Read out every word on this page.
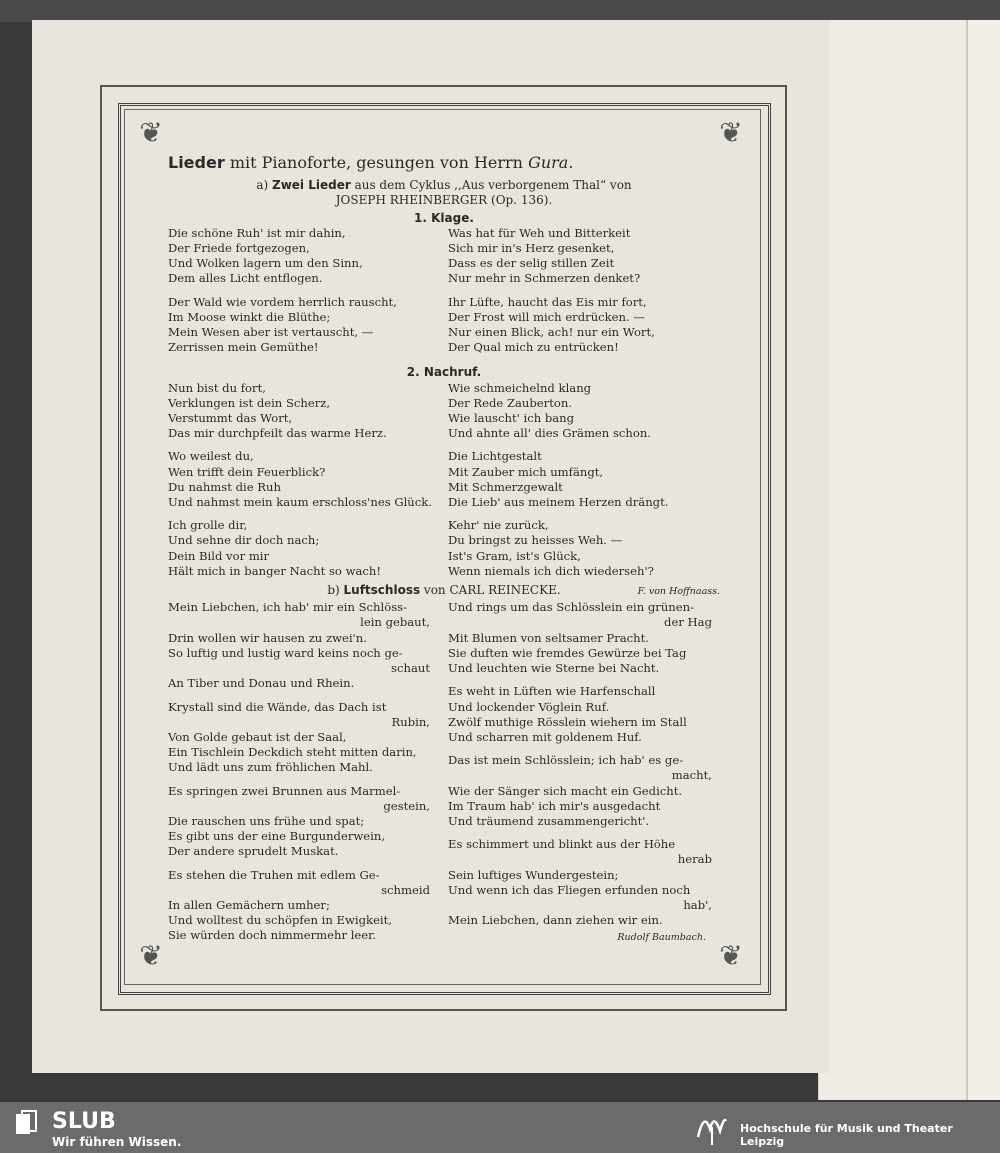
❦	❦
❦	❦
Lieder mit Pianoforte, gesungen von Herrn Gura.
a) Zwei Lieder aus dem Cyklus ,,Aus verborgenem Thal“ von
JOSEPH RHEINBERGER (Op. 136).
1. Klage.
Die schöne Ruh' ist mir dahin,
Der Friede fortgezogen,
Und Wolken lagern um den Sinn,
Dem alles Licht entflogen.
Der Wald wie vordem herrlich rauscht,
Im Moose winkt die Blüthe;
Mein Wesen aber ist vertauscht, —
Zerrissen mein Gemüthe!
Was hat für Weh und Bitterkeit
Sich mir in's Herz gesenket,
Dass es der selig stillen Zeit
Nur mehr in Schmerzen denket?
Ihr Lüfte, haucht das Eis mir fort,
Der Frost will mich erdrücken. —
Nur einen Blick, ach! nur ein Wort,
Der Qual mich zu entrücken!
2. Nachruf.
Nun bist du fort,
Verklungen ist dein Scherz,
Verstummt das Wort,
Das mir durchpfeilt das warme Herz.
Wo weilest du,
Wen trifft dein Feuerblick?
Du nahmst die Ruh
Und nahmst mein kaum erschloss'nes Glück.
Ich grolle dir,
Und sehne dir doch nach;
Dein Bild vor mir
Hält mich in banger Nacht so wach!
Wie schmeichelnd klang
Der Rede Zauberton.
Wie lauscht' ich bang
Und ahnte all' dies Grämen schon.
Die Lichtgestalt
Mit Zauber mich umfängt,
Mit Schmerzgewalt
Die Lieb' aus meinem Herzen drängt.
Kehr' nie zurück,
Du bringst zu heisses Weh. —
Ist's Gram, ist's Glück,
Wenn niemals ich dich wiederseh'?
b) Luftschloss von CARL REINECKE.	F. von Hoffnaass.
Mein Liebchen, ich hab' mir ein Schlöss-
lein gebaut,
Drin wollen wir hausen zu zwei'n.
So luftig und lustig ward keins noch ge-
schaut
An Tiber und Donau und Rhein.
Krystall sind die Wände, das Dach ist
Rubin,
Von Golde gebaut ist der Saal,
Ein Tischlein Deckdich steht mitten darin,
Und lädt uns zum fröhlichen Mahl.
Es springen zwei Brunnen aus Marmel-
gestein,
Die rauschen uns frühe und spat;
Es gibt uns der eine Burgunderwein,
Der andere sprudelt Muskat.
Es stehen die Truhen mit edlem Ge-
schmeid
In allen Gemächern umher;
Und wolltest du schöpfen in Ewigkeit,
Sie würden doch nimmermehr leer.
Und rings um das Schlösslein ein grünen-
der Hag
Mit Blumen von seltsamer Pracht.
Sie duften wie fremdes Gewürze bei Tag
Und leuchten wie Sterne bei Nacht.
Es weht in Lüften wie Harfenschall
Und lockender Vöglein Ruf.
Zwölf muthige Rösslein wiehern im Stall
Und scharren mit goldenem Huf.
Das ist mein Schlösslein; ich hab' es ge-
macht,
Wie der Sänger sich macht ein Gedicht.
Im Traum hab' ich mir's ausgedacht
Und träumend zusammengericht'.
Es schimmert und blinkt aus der Höhe
herab
Sein luftiges Wundergestein;
Und wenn ich das Fliegen erfunden noch
hab',
Mein Liebchen, dann ziehen wir ein.
Rudolf Baumbach.
SLUB
Wir führen Wissen.
Hochschule für Musik und Theater Leipzig
